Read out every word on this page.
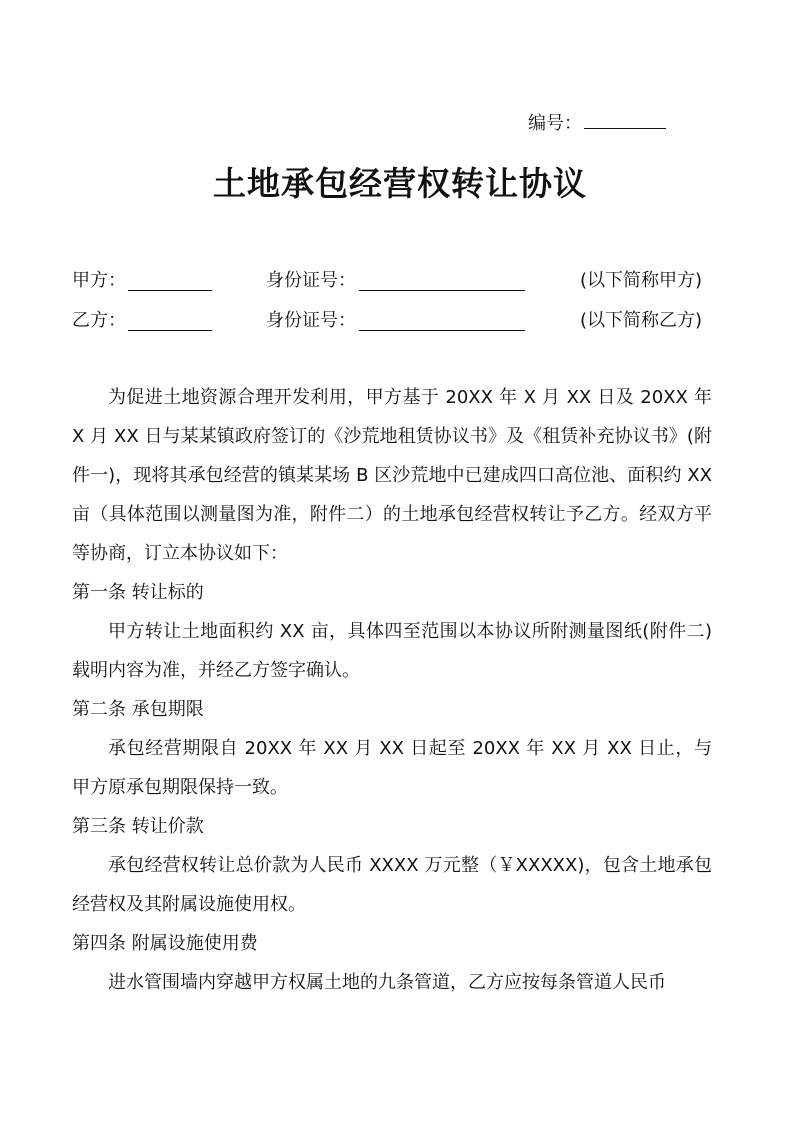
编号：
土地承包经营权转让协议
甲方：	身份证号：	(以下简称甲方)
乙方：	身份证号：	(以下简称乙方)

为促进土地资源合理开发利用，甲方基于 20XX 年 X 月 XX 日及 20XX 年 X 月 XX 日与某某镇政府签订的《沙荒地租赁协议书》及《租赁补充协议书》(附件一)，现将其承包经营的镇某某场 B 区沙荒地中已建成四口高位池、面积约 XX 亩（具体范围以测量图为准，附件二）的土地承包经营权转让予乙方。经双方平等协商，订立本协议如下：

第一条 转让标的

甲方转让土地面积约 XX 亩，具体四至范围以本协议所附测量图纸(附件二)载明内容为准，并经乙方签字确认。

第二条 承包期限

承包经营期限自 20XX 年 XX 月 XX 日起至 20XX 年 XX 月 XX 日止，与甲方原承包期限保持一致。

第三条 转让价款

承包经营权转让总价款为人民币 XXXX 万元整（￥XXXXX)，包含土地承包经营权及其附属设施使用权。

第四条 附属设施使用费

进水管围墙内穿越甲方权属土地的九条管道，乙方应按每条管道人民币
